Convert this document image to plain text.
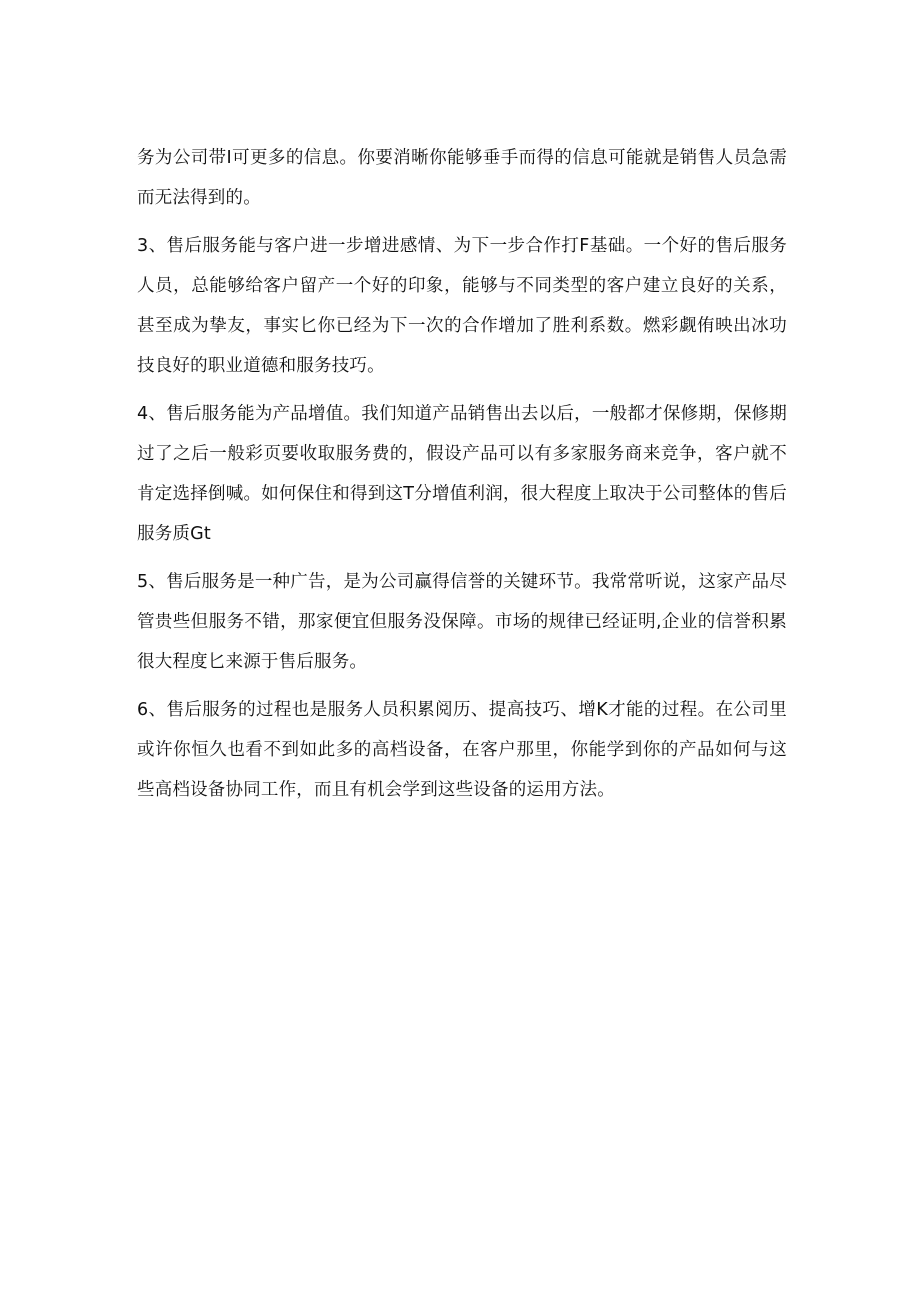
务为公司带I可更多的信息。你要消晰你能够垂手而得的信息可能就是销售人员急需而无法得到的。

3、售后服务能与客户进一步增进感情、为下一步合作打F基础。一个好的售后服务人员，总能够给客户留产一个好的印象，能够与不同类型的客户建立良好的关系，甚至成为挚友，事实匕你已经为下一次的合作增加了胜利系数。燃彩觑侑映出冰功技良好的职业道德和服务技巧。

4、售后服务能为产品增值。我们知道产品销售出去以后，一般都才保修期，保修期过了之后一般彩页要收取服务费的，假设产品可以有多家服务商来竞争，客户就不肯定选择倒喊。如何保住和得到这T分增值利润，很大程度上取决于公司整体的售后服务质Gt

5、售后服务是一种广告，是为公司赢得信誉的关键环节。我常常听说，这家产品尽管贵些但服务不错，那家便宜但服务没保障。市场的规律已经证明,企业的信誉积累很大程度匕来源于售后服务。

6、售后服务的过程也是服务人员积累阅历、提高技巧、增K才能的过程。在公司里或许你恒久也看不到如此多的高档设备，在客户那里，你能学到你的产品如何与这些高档设备协同工作，而且有机会学到这些设备的运用方法。
